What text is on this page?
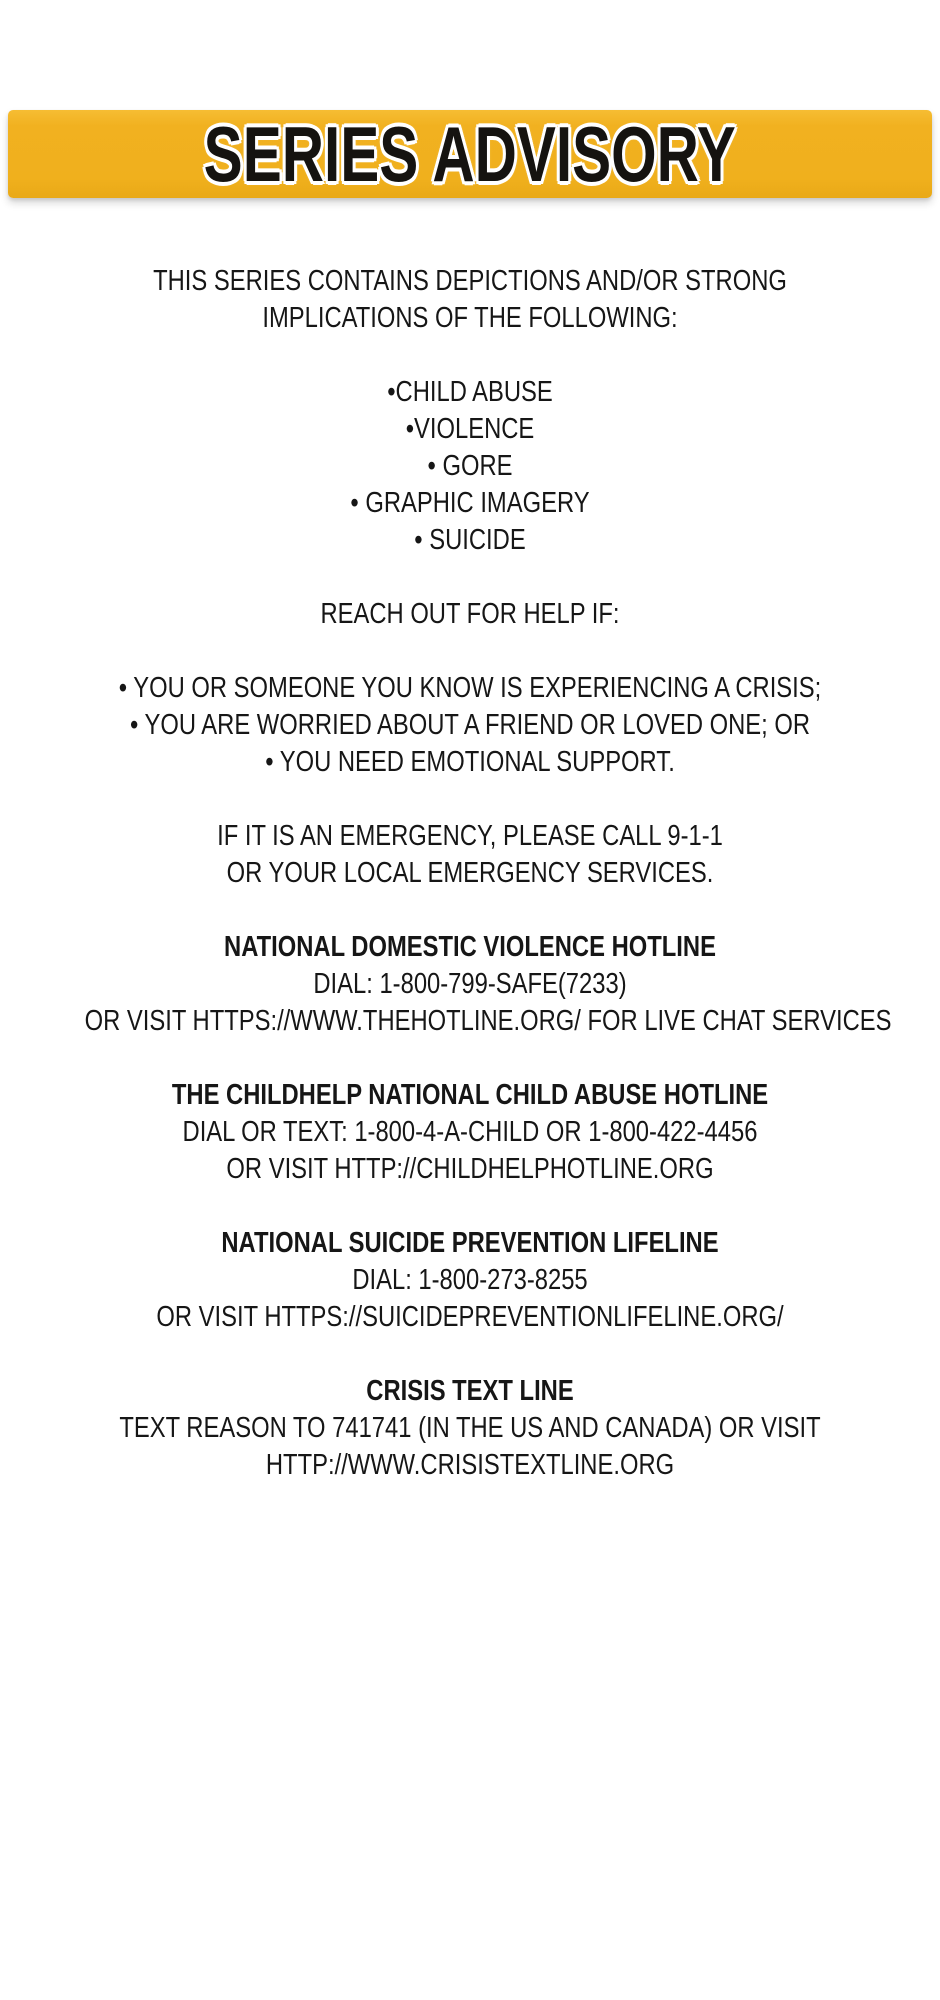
SERIES ADVISORY

THIS SERIES CONTAINS DEPICTIONS AND/OR STRONG

IMPLICATIONS OF THE FOLLOWING:

•CHILD ABUSE

•VIOLENCE

• GORE

• GRAPHIC IMAGERY

• SUICIDE

REACH OUT FOR HELP IF:

• YOU OR SOMEONE YOU KNOW IS EXPERIENCING A CRISIS;

• YOU ARE WORRIED ABOUT A FRIEND OR LOVED ONE; OR

• YOU NEED EMOTIONAL SUPPORT.

IF IT IS AN EMERGENCY, PLEASE CALL 9-1-1

OR YOUR LOCAL EMERGENCY SERVICES.

NATIONAL DOMESTIC VIOLENCE HOTLINE

DIAL: 1-800-799-SAFE(7233)

OR VISIT HTTPS://WWW.THEHOTLINE.ORG/ FOR LIVE CHAT SERVICES

THE CHILDHELP NATIONAL CHILD ABUSE HOTLINE

DIAL OR TEXT: 1-800-4-A-CHILD OR 1-800-422-4456

OR VISIT HTTP://CHILDHELPHOTLINE.ORG

NATIONAL SUICIDE PREVENTION LIFELINE

DIAL: 1-800-273-8255

OR VISIT HTTPS://SUICIDEPREVENTIONLIFELINE.ORG/

CRISIS TEXT LINE

TEXT REASON TO 741741 (IN THE US AND CANADA) OR VISIT

HTTP://WWW.CRISISTEXTLINE.ORG
